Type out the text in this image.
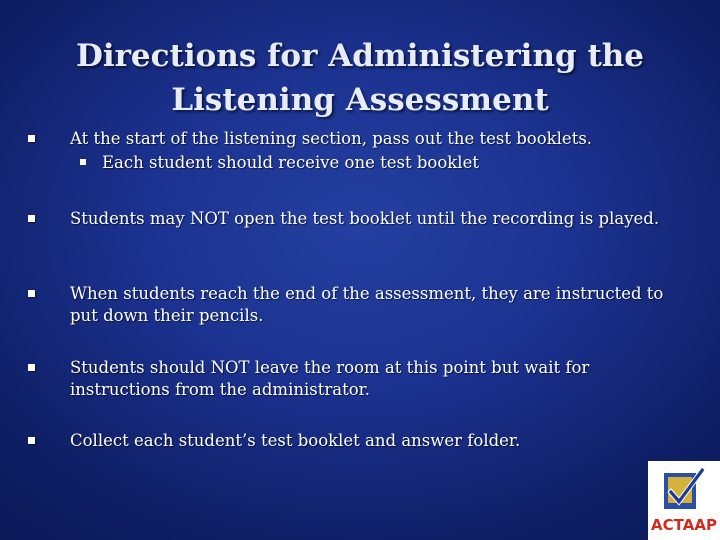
Directions for Administering the
Listening Assessment
At the start of the listening section, pass out the test booklets.
Each student should receive one test booklet
Students may NOT open the test booklet until the recording is played.
When students reach the end of the assessment, they are instructed to put down their pencils.
Students should NOT leave the room at this point but wait for instructions from the administrator.
Collect each student’s test booklet and answer folder.
ACTAAP
